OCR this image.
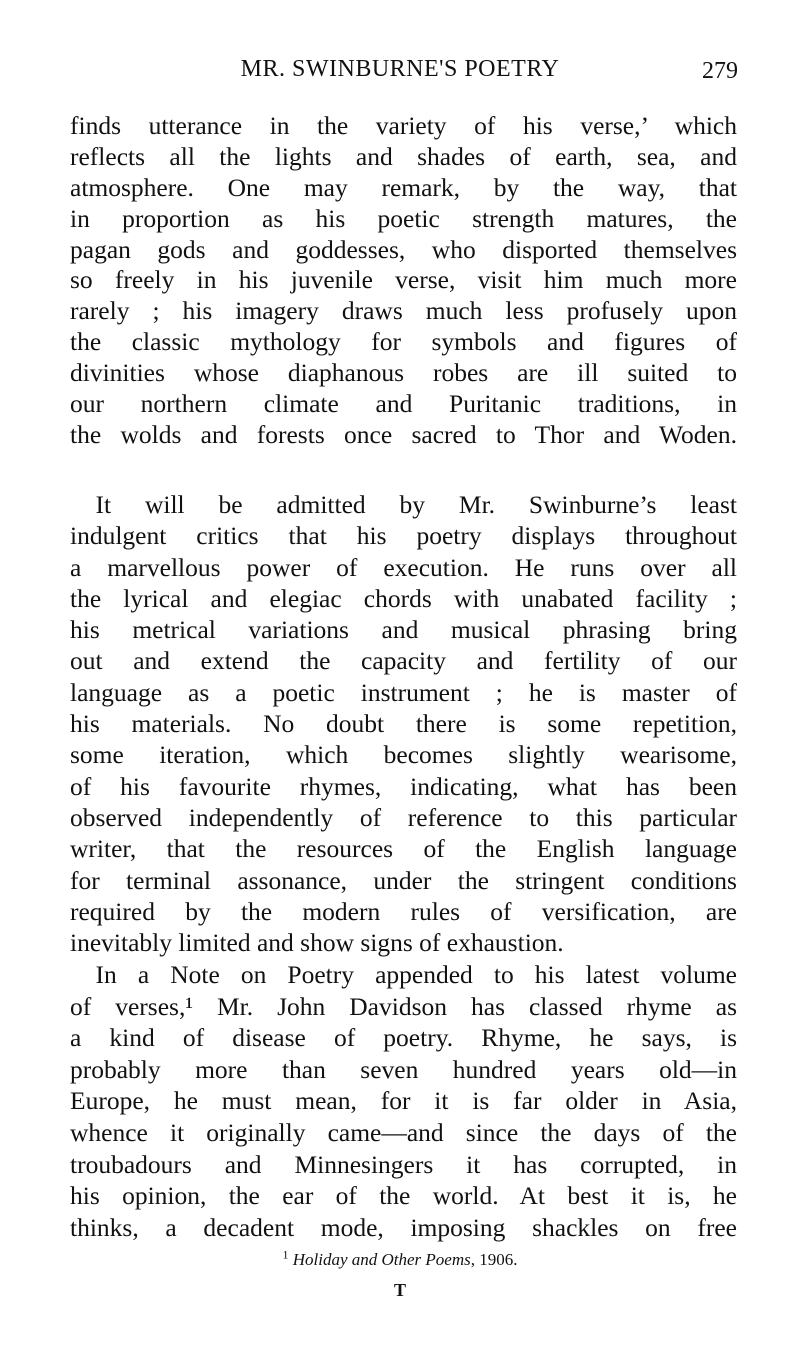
MR. SWINBURNE'S POETRY	279
finds utterance in the variety of his verse,’ which
reflects all the lights and shades of earth, sea, and
atmosphere. One may remark, by the way, that
in proportion as his poetic strength matures, the
pagan gods and goddesses, who disported themselves
so freely in his juvenile verse, visit him much more
rarely ; his imagery draws much less profusely upon
the classic mythology for symbols and figures of
divinities whose diaphanous robes are ill suited to
our northern climate and Puritanic traditions, in
the wolds and forests once sacred to Thor and Woden.
 It will be admitted by Mr. Swinburne’s least
indulgent critics that his poetry displays throughout
a marvellous power of execution. He runs over all
the lyrical and elegiac chords with unabated facility ;
his metrical variations and musical phrasing bring
out and extend the capacity and fertility of our
language as a poetic instrument ; he is master of
his materials. No doubt there is some repetition,
some iteration, which becomes slightly wearisome,
of his favourite rhymes, indicating, what has been
observed independently of reference to this particular
writer, that the resources of the English language
for terminal assonance, under the stringent conditions
required by the modern rules of versification, are
inevitably limited and show signs of exhaustion.
 In a Note on Poetry appended to his latest volume
of verses,¹ Mr. John Davidson has classed rhyme as
a kind of disease of poetry. Rhyme, he says, is
probably more than seven hundred years old—in
Europe, he must mean, for it is far older in Asia,
whence it originally came—and since the days of the
troubadours and Minnesingers it has corrupted, in
his opinion, the ear of the world. At best it is, he
thinks, a decadent mode, imposing shackles on free
$^1$ Holiday and Other Poems, 1906.
T
